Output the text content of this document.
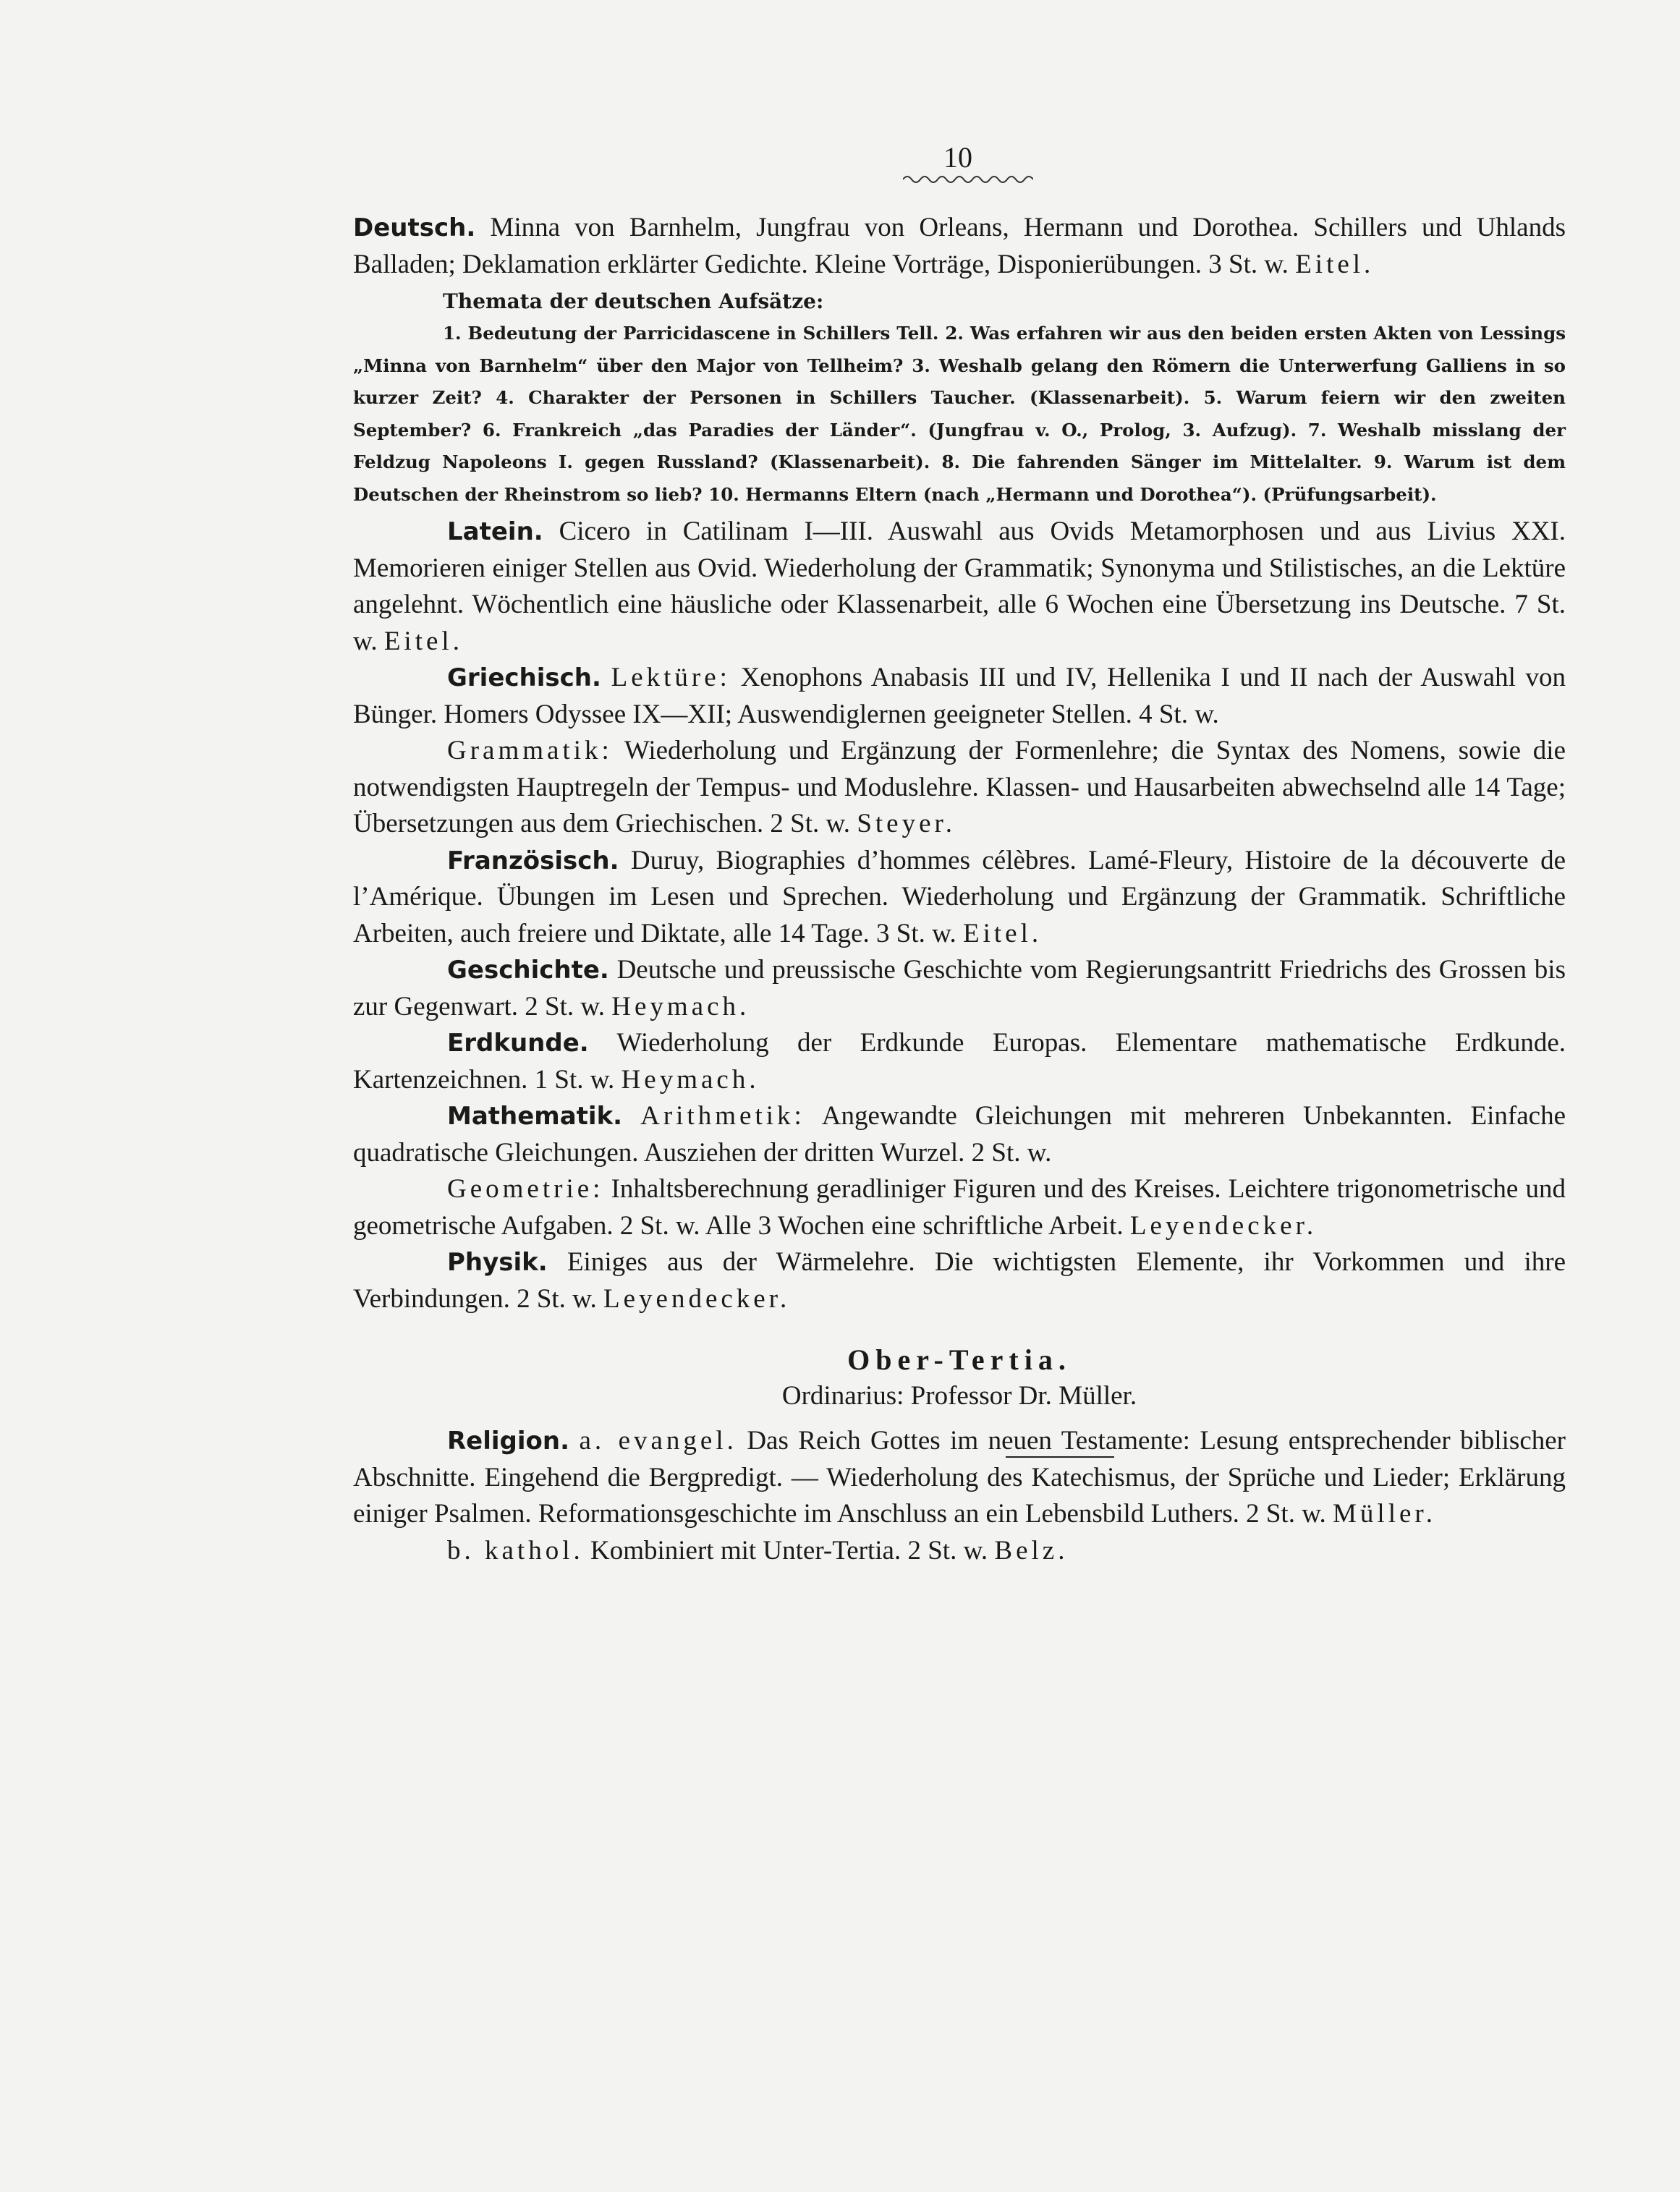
10

Deutsch. Minna von Barnhelm, Jungfrau von Orleans, Hermann und Dorothea. Schillers und Uhlands Balladen; Deklamation erklärter Gedichte. Kleine Vorträge, Disponierübungen. 3 St. w. Eitel.

Themata der deutschen Aufsätze:

1. Bedeutung der Parricidascene in Schillers Tell. 2. Was erfahren wir aus den beiden ersten Akten von Lessings „Minna von Barnhelm“ über den Major von Tellheim? 3. Weshalb gelang den Römern die Unterwerfung Galliens in so kurzer Zeit? 4. Charakter der Personen in Schillers Taucher. (Klassenarbeit). 5. Warum feiern wir den zweiten September? 6. Frankreich „das Paradies der Länder“. (Jungfrau v. O., Prolog, 3. Aufzug). 7. Weshalb misslang der Feldzug Napoleons I. gegen Russland? (Klassenarbeit). 8. Die fahrenden Sänger im Mittelalter. 9. Warum ist dem Deutschen der Rheinstrom so lieb? 10. Hermanns Eltern (nach „Hermann und Dorothea“). (Prüfungsarbeit).

Latein. Cicero in Catilinam I—III. Auswahl aus Ovids Metamorphosen und aus Livius XXI. Memorieren einiger Stellen aus Ovid. Wiederholung der Grammatik; Synonyma und Stilistisches, an die Lektüre angelehnt. Wöchentlich eine häusliche oder Klassenarbeit, alle 6 Wochen eine Übersetzung ins Deutsche. 7 St. w. Eitel.

Griechisch. Lektüre: Xenophons Anabasis III und IV, Hellenika I und II nach der Auswahl von Bünger. Homers Odyssee IX—XII; Auswendiglernen geeigneter Stellen. 4 St. w.

Grammatik: Wiederholung und Ergänzung der Formenlehre; die Syntax des Nomens, sowie die notwendigsten Hauptregeln der Tempus- und Moduslehre. Klassen- und Hausarbeiten abwechselnd alle 14 Tage; Übersetzungen aus dem Griechischen. 2 St. w. Steyer.

Französisch. Duruy, Biographies d’hommes célèbres. Lamé-Fleury, Histoire de la découverte de l’Amérique. Übungen im Lesen und Sprechen. Wiederholung und Ergänzung der Grammatik. Schriftliche Arbeiten, auch freiere und Diktate, alle 14 Tage. 3 St. w. Eitel.

Geschichte. Deutsche und preussische Geschichte vom Regierungsantritt Friedrichs des Grossen bis zur Gegenwart. 2 St. w. Heymach.

Erdkunde. Wiederholung der Erdkunde Europas. Elementare mathematische Erdkunde. Kartenzeichnen. 1 St. w. Heymach.

Mathematik. Arithmetik: Angewandte Gleichungen mit mehreren Unbekannten. Einfache quadratische Gleichungen. Ausziehen der dritten Wurzel. 2 St. w.

Geometrie: Inhaltsberechnung geradliniger Figuren und des Kreises. Leichtere trigonometrische und geometrische Aufgaben. 2 St. w. Alle 3 Wochen eine schriftliche Arbeit. Leyendecker.

Physik. Einiges aus der Wärmelehre. Die wichtigsten Elemente, ihr Vorkommen und ihre Verbindungen. 2 St. w. Leyendecker.

Ober-Tertia.
Ordinarius: Professor Dr. Müller.

Religion. a. evangel. Das Reich Gottes im neuen Testamente: Lesung entsprechender biblischer Abschnitte. Eingehend die Bergpredigt. — Wiederholung des Katechismus, der Sprüche und Lieder; Erklärung einiger Psalmen. Reformationsgeschichte im Anschluss an ein Lebensbild Luthers. 2 St. w. Müller.

b. kathol. Kombiniert mit Unter-Tertia. 2 St. w. Belz.
